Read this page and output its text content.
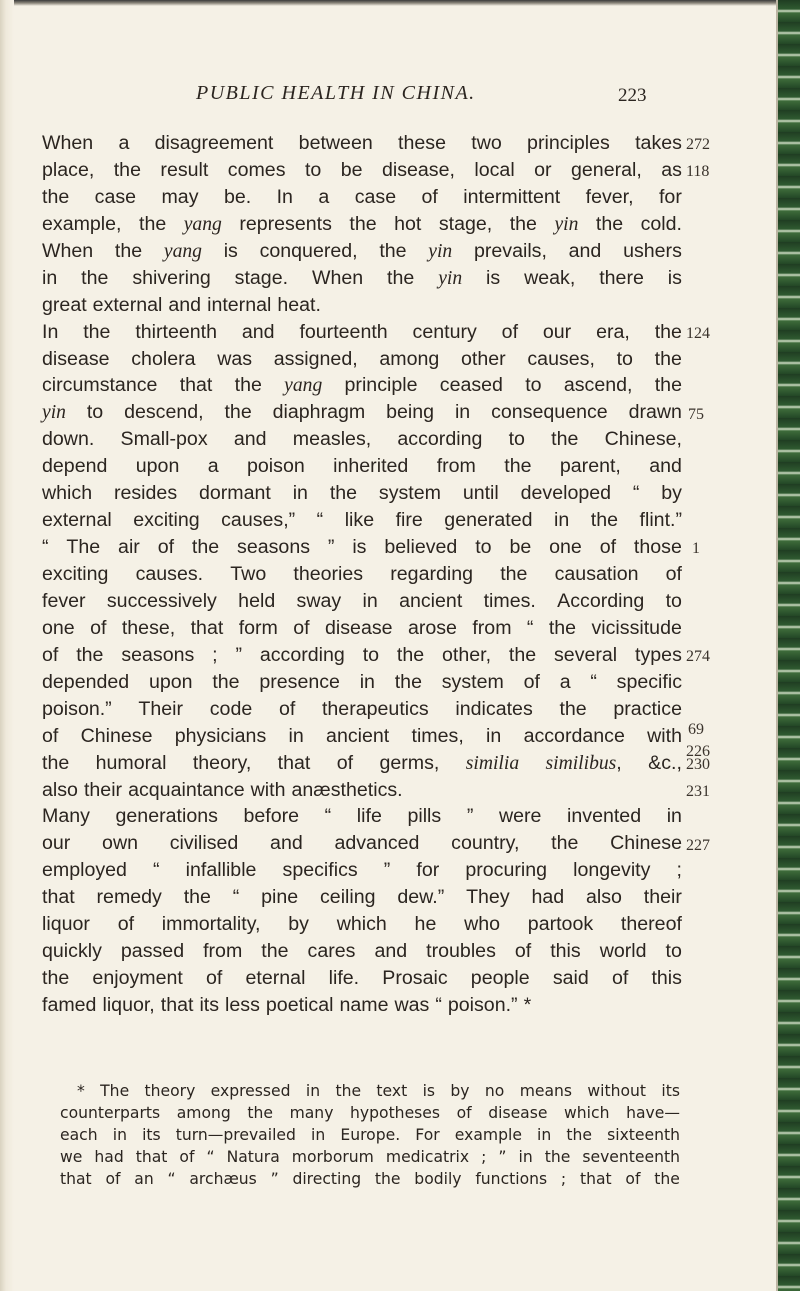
PUBLIC HEALTH IN CHINA.	223
When a disagreement between these two principles takes
place, the result comes to be disease, local or general, as
the case may be. In a case of intermittent fever, for
example, the yang represents the hot stage, the yin the cold.
When the yang is conquered, the yin prevails, and ushers
in the shivering stage. When the yin is weak, there is
great external and internal heat.
In the thirteenth and fourteenth century of our era, the
disease cholera was assigned, among other causes, to the
circumstance that the yang principle ceased to ascend, the
yin to descend, the diaphragm being in consequence drawn
down. Small-pox and measles, according to the Chinese,
depend upon a poison inherited from the parent, and
which resides dormant in the system until developed “ by
external exciting causes,” “ like fire generated in the flint.”
“ The air of the seasons ” is believed to be one of those
exciting causes. Two theories regarding the causation of
fever successively held sway in ancient times. According to
one of these, that form of disease arose from “ the vicissitude
of the seasons ; ” according to the other, the several types
depended upon the presence in the system of a “ specific
poison.” Their code of therapeutics indicates the practice
of Chinese physicians in ancient times, in accordance with
the humoral theory, that of germs, similia similibus, &c.,
also their acquaintance with anæsthetics.
Many generations before “ life pills ” were invented in
our own civilised and advanced country, the Chinese
employed “ infallible specifics ” for procuring longevity ;
that remedy the “ pine ceiling dew.” They had also their
liquor of immortality, by which he who partook thereof
quickly passed from the cares and troubles of this world to
the enjoyment of eternal life. Prosaic people said of this
famed liquor, that its less poetical name was “ poison.” *
272
118
124
75
1
274
69
226
230
231
227
* The theory expressed in the text is by no means without its
counterparts among the many hypotheses of disease which have—
each in its turn—prevailed in Europe. For example in the sixteenth
we had that of “ Natura morborum medicatrix ; ” in the seventeenth
that of an “ archæus ” directing the bodily functions ; that of the
